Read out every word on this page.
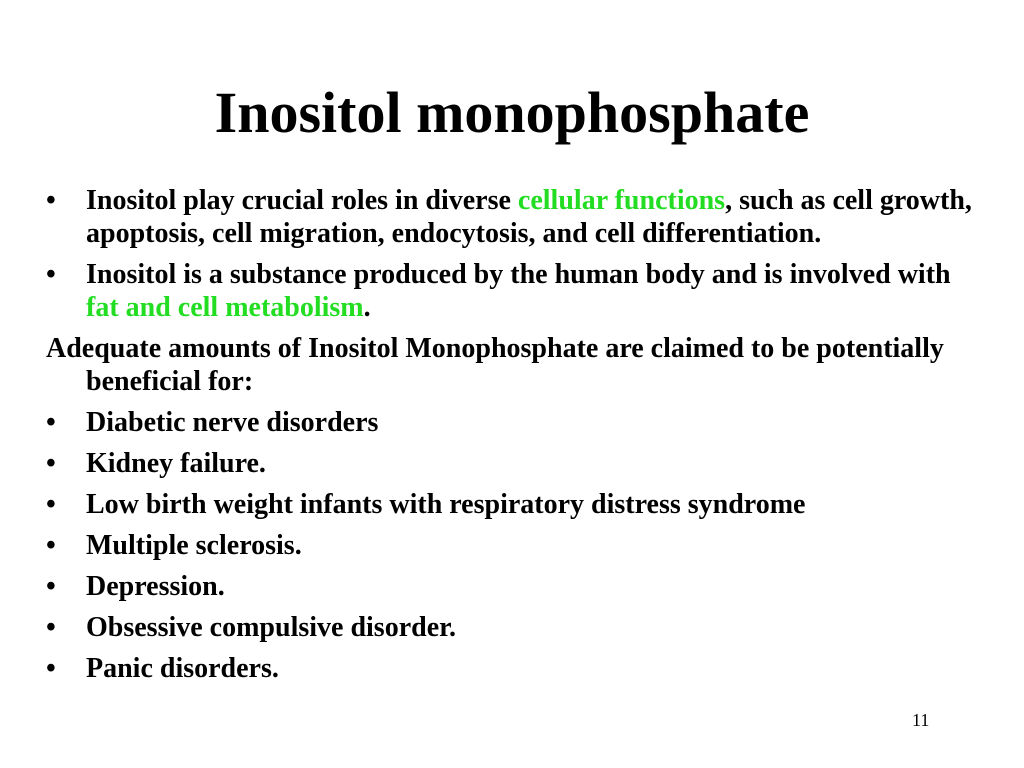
Inositol monophosphate
•	Inositol play crucial roles in diverse cellular functions, such as cell growth, apoptosis, cell migration, endocytosis, and cell differentiation.
•	Inositol is a substance produced by the human body and is involved with fat and cell metabolism.
Adequate amounts of Inositol Monophosphate are claimed to be potentially beneficial for:
•	Diabetic nerve disorders
•	Kidney failure.
•	Low birth weight infants with respiratory distress syndrome
•	Multiple sclerosis.
•	Depression.
•	Obsessive compulsive disorder.
•	Panic disorders.
11
